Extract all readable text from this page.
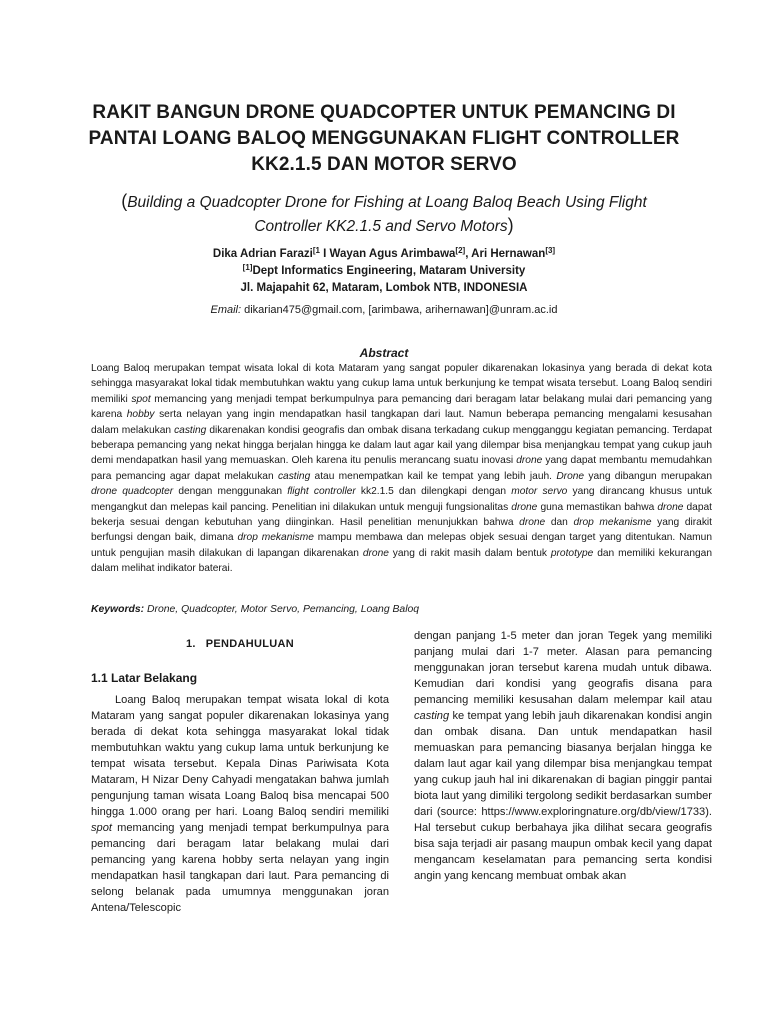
RAKIT BANGUN DRONE QUADCOPTER UNTUK PEMANCING DI PANTAI LOANG BALOQ MENGGUNAKAN FLIGHT CONTROLLER KK2.1.5 DAN MOTOR SERVO

(Building a Quadcopter Drone for Fishing at Loang Baloq Beach Using Flight Controller KK2.1.5 and Servo Motors)

Dika Adrian Farazi$^{[1}$ I Wayan Agus Arimbawa[2], Ari Hernawan[3]
[1]Dept Informatics Engineering, Mataram University
Jl. Majapahit 62, Mataram, Lombok NTB, INDONESIA
Email: dikarian475@gmail.com, [arimbawa, arihernawan]@unram.ac.id
Abstract

Loang Baloq merupakan tempat wisata lokal di kota Mataram yang sangat populer dikarenakan lokasinya yang berada di dekat kota sehingga masyarakat lokal tidak membutuhkan waktu yang cukup lama untuk berkunjung ke tempat wisata tersebut. Loang Baloq sendiri memiliki spot memancing yang menjadi tempat berkumpulnya para pemancing dari beragam latar belakang mulai dari pemancing yang karena hobby serta nelayan yang ingin mendapatkan hasil tangkapan dari laut. Namun beberapa pemancing mengalami kesusahan dalam melakukan casting dikarenakan kondisi geografis dan ombak disana terkadang cukup mengganggu kegiatan pemancing. Terdapat beberapa pemancing yang nekat hingga berjalan hingga ke dalam laut agar kail yang dilempar bisa menjangkau tempat yang cukup jauh demi mendapatkan hasil yang memuaskan. Oleh karena itu penulis merancang suatu inovasi drone yang dapat membantu memudahkan para pemancing agar dapat melakukan casting atau menempatkan kail ke tempat yang lebih jauh. Drone yang dibangun merupakan drone quadcopter dengan menggunakan flight controller kk2.1.5 dan dilengkapi dengan motor servo yang dirancang khusus untuk mengangkut dan melepas kail pancing. Penelitian ini dilakukan untuk menguji fungsionalitas drone guna memastikan bahwa drone dapat bekerja sesuai dengan kebutuhan yang diinginkan. Hasil penelitian menunjukkan bahwa drone dan drop mekanisme yang dirakit berfungsi dengan baik, dimana drop mekanisme mampu membawa dan melepas objek sesuai dengan target yang ditentukan. Namun untuk pengujian masih dilakukan di lapangan dikarenakan drone yang di rakit masih dalam bentuk prototype dan memiliki kekurangan dalam melihat indikator baterai.

Keywords: Drone, Quadcopter, Motor Servo, Pemancing, Loang Baloq
1. PENDAHULUAN
1.1 Latar Belakang

Loang Baloq merupakan tempat wisata lokal di kota Mataram yang sangat populer dikarenakan lokasinya yang berada di dekat kota sehingga masyarakat lokal tidak membutuhkan waktu yang cukup lama untuk berkunjung ke tempat wisata tersebut. Kepala Dinas Pariwisata Kota Mataram, H Nizar Deny Cahyadi mengatakan bahwa jumlah pengunjung taman wisata Loang Baloq bisa mencapai 500 hingga 1.000 orang per hari. Loang Baloq sendiri memiliki spot memancing yang menjadi tempat berkumpulnya para pemancing dari beragam latar belakang mulai dari pemancing yang karena hobby serta nelayan yang ingin mendapatkan hasil tangkapan dari laut. Para pemancing di selong belanak pada umumnya menggunakan joran Antena/Telescopic

dengan panjang 1-5 meter dan joran Tegek yang memiliki panjang mulai dari 1-7 meter. Alasan para pemancing menggunakan joran tersebut karena mudah untuk dibawa. Kemudian dari kondisi yang geografis disana para pemancing memiliki kesusahan dalam melempar kail atau casting ke tempat yang lebih jauh dikarenakan kondisi angin dan ombak disana. Dan untuk mendapatkan hasil memuaskan para pemancing biasanya berjalan hingga ke dalam laut agar kail yang dilempar bisa menjangkau tempat yang cukup jauh hal ini dikarenakan di bagian pinggir pantai biota laut yang dimiliki tergolong sedikit berdasarkan sumber dari (source: https://www.exploringnature.org/db/view/1733). Hal tersebut cukup berbahaya jika dilihat secara geografis bisa saja terjadi air pasang maupun ombak kecil yang dapat mengancam keselamatan para pemancing serta kondisi angin yang kencang membuat ombak akan
